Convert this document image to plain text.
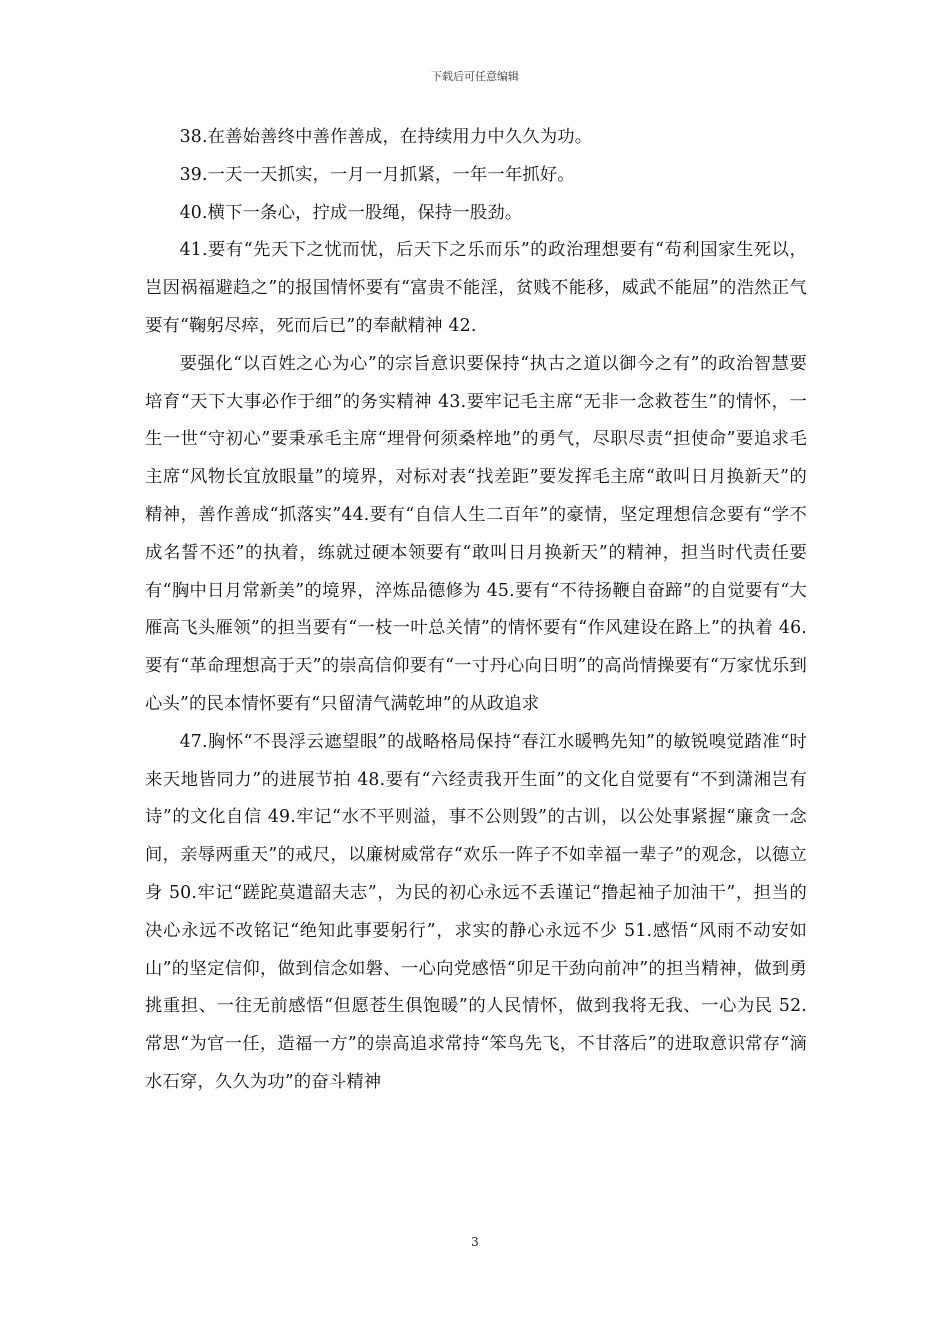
下载后可任意编辑

38.在善始善终中善作善成，在持续用力中久久为功。

39.一天一天抓实，一月一月抓紧，一年一年抓好。

40.横下一条心，拧成一股绳，保持一股劲。

41.要有“先天下之忧而忧，后天下之乐而乐”的政治理想要有“苟利国家生死以，岂因祸福避趋之”的报国情怀要有“富贵不能淫，贫贱不能移，威武不能屈”的浩然正气要有“鞠躬尽瘁，死而后已”的奉献精神 42.

要强化“以百姓之心为心”的宗旨意识要保持“执古之道以御今之有”的政治智慧要培育“天下大事必作于细”的务实精神 43.要牢记毛主席“无非一念救苍生”的情怀，一生一世“守初心”要秉承毛主席“埋骨何须桑梓地”的勇气，尽职尽责“担使命”要追求毛主席“风物长宜放眼量”的境界，对标对表“找差距”要发挥毛主席“敢叫日月换新天”的精神，善作善成“抓落实”44.要有“自信人生二百年”的豪情，坚定理想信念要有“学不成名誓不还”的执着，练就过硬本领要有“敢叫日月换新天”的精神，担当时代责任要有“胸中日月常新美”的境界，淬炼品德修为 45.要有“不待扬鞭自奋蹄”的自觉要有“大雁高飞头雁领”的担当要有“一枝一叶总关情”的情怀要有“作风建设在路上”的执着 46.要有“革命理想高于天”的崇高信仰要有“一寸丹心向日明”的高尚情操要有“万家忧乐到心头”的民本情怀要有“只留清气满乾坤”的从政追求

47.胸怀“不畏浮云遮望眼”的战略格局保持“春江水暖鸭先知”的敏锐嗅觉踏准“时来天地皆同力”的进展节拍 48.要有“六经责我开生面”的文化自觉要有“不到潇湘岂有诗”的文化自信 49.牢记“水不平则溢，事不公则毁”的古训，以公处事紧握“廉贪一念间，亲辱两重天”的戒尺，以廉树威常存“欢乐一阵子不如幸福一辈子”的观念，以德立身 50.牢记“蹉跎莫遣韶夫志”，为民的初心永远不丢谨记“撸起袖子加油干”，担当的决心永远不改铭记“绝知此事要躬行”，求实的静心永远不少 51.感悟“风雨不动安如山”的坚定信仰，做到信念如磐、一心向党感悟“卯足干劲向前冲”的担当精神，做到勇挑重担、一往无前感悟“但愿苍生俱饱暖”的人民情怀，做到我将无我、一心为民 52.常思“为官一任，造福一方”的崇高追求常持“笨鸟先飞，不甘落后”的进取意识常存“滴水石穿，久久为功”的奋斗精神

3
